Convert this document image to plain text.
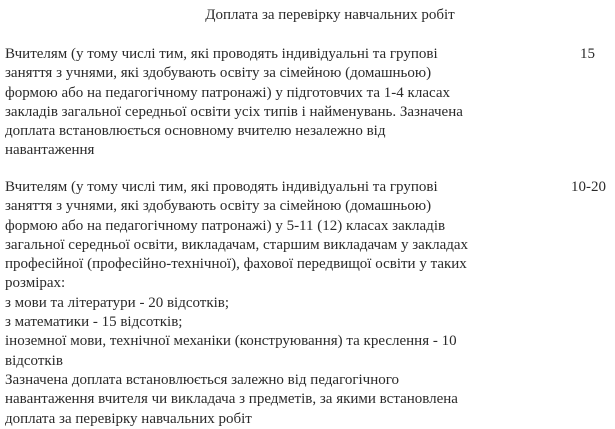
Доплата за перевірку навчальних робіт
Вчителям (у тому числі тим, які проводять індивідуальні та групові
заняття з учнями, які здобувають освіту за сімейною (домашньою)
формою або на педагогічному патронажі) у підготовчих та 1-4 класах
закладів загальної середньої освіти усіх типів і найменувань. Зазначена
доплата встановлюється основному вчителю незалежно від
навантаження
15
Вчителям (у тому числі тим, які проводять індивідуальні та групові
заняття з учнями, які здобувають освіту за сімейною (домашньою)
формою або на педагогічному патронажі) у 5-11 (12) класах закладів
загальної середньої освіти, викладачам, старшим викладачам у закладах
професійної (професійно-технічної), фахової передвищої освіти у таких
розмірах:
з мови та літератури - 20 відсотків;
з математики - 15 відсотків;
іноземної мови, технічної механіки (конструювання) та креслення - 10
відсотків
Зазначена доплата встановлюється залежно від педагогічного
навантаження вчителя чи викладача з предметів, за якими встановлена
доплата за перевірку навчальних робіт
10-20
